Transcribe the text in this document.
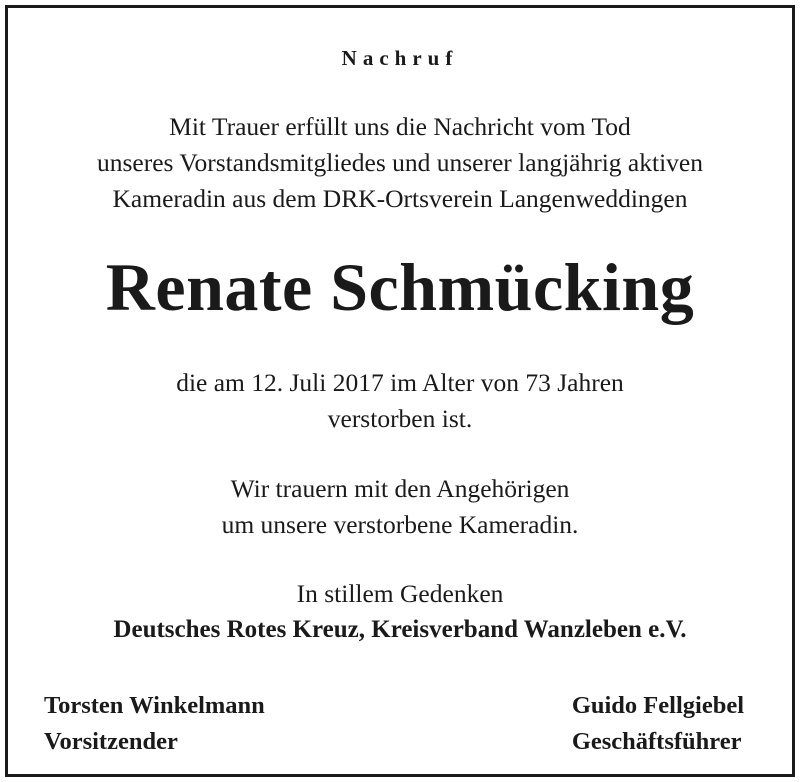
Nachruf
Mit Trauer erfüllt uns die Nachricht vom Tod
unseres Vorstandsmitgliedes und unserer langjährig aktiven
Kameradin aus dem DRK-Ortsverein Langenweddingen
Renate Schmücking
die am 12. Juli 2017 im Alter von 73 Jahren
verstorben ist.
Wir trauern mit den Angehörigen
um unsere verstorbene Kameradin.
In stillem Gedenken
Deutsches Rotes Kreuz, Kreisverband Wanzleben e.V.
Torsten Winkelmann
Vorsitzender
Guido Fellgiebel
Geschäftsführer
